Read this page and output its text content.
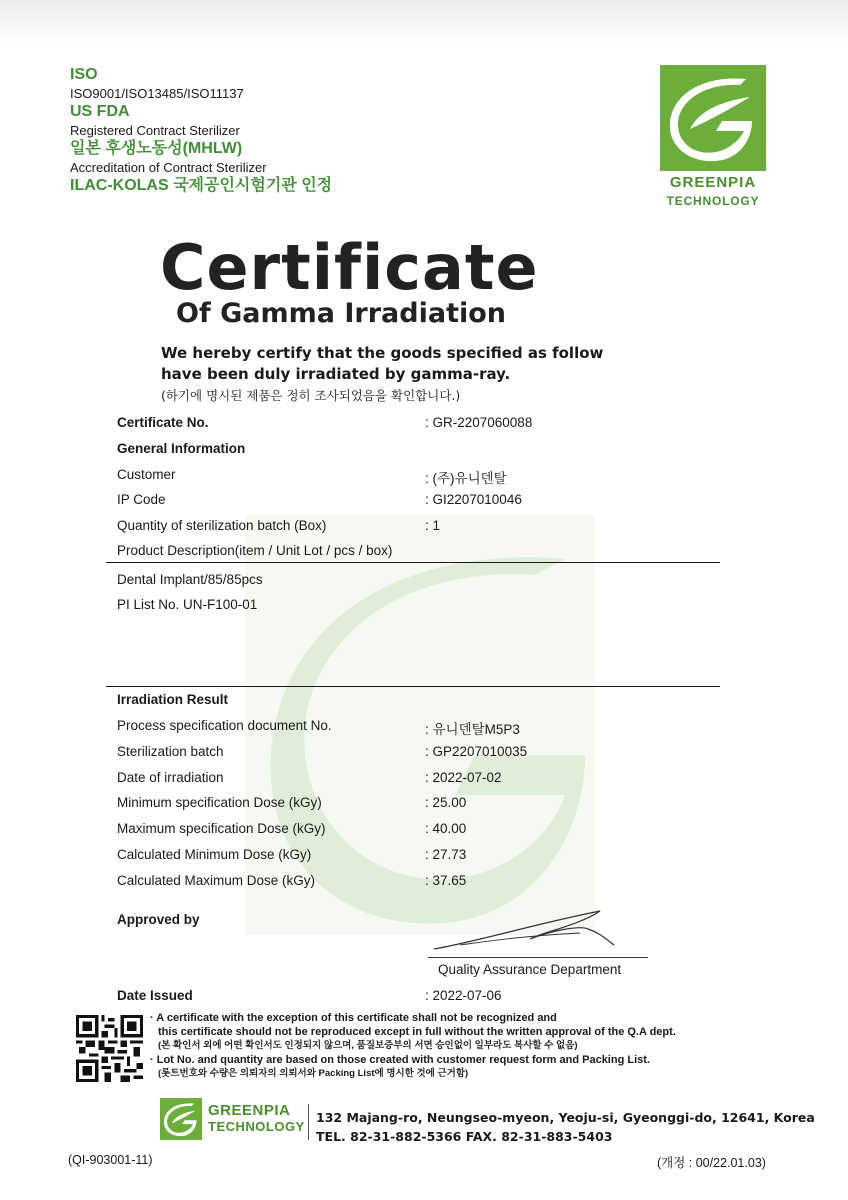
ISO
ISO9001/ISO13485/ISO11137
US FDA
Registered Contract Sterilizer
일본 후생노동성(MHLW)
Accreditation of Contract Sterilizer
ILAC-KOLAS 국제공인시험기관 인정	GREENPIA
TECHNOLOGY
Certificate
Of Gamma Irradiation
We hereby certify that the goods specified as follow
have been duly irradiated by gamma-ray.
(하기에 명시된 제품은 정히 조사되었음을 확인합니다.)
Certificate No.	: GR-2207060088
General Information
Customer	: (주)유니덴탈
IP Code	: GI2207010046
Quantity of sterilization batch (Box)	: 1
Product Description(item / Unit Lot / pcs / box)
Dental Implant/85/85pcs
PI List No. UN-F100-01
Irradiation Result
Process specification document No.	: 유니덴탈M5P3
Sterilization batch	: GP2207010035
Date of irradiation	: 2022-07-02
Minimum specification Dose (kGy)	: 25.00
Maximum specification Dose (kGy)	: 40.00
Calculated Minimum Dose (kGy)	: 27.73
Calculated Maximum Dose (kGy)	: 37.65
Approved by
Quality Assurance Department
Date Issued	: 2022-07-06
· A certificate with the exception of this certificate shall not be recognized and
this certificate should not be reproduced except in full without the written approval of the Q.A dept.
(본 확인서 외에 어떤 확인서도 인정되지 않으며, 품질보증부의 서면 승인없이 일부라도 복사할 수 없음)
· Lot No. and quantity are based on those created with customer request form and Packing List.
(롯트번호와 수량은 의뢰자의 의뢰서와 Packing List에 명시한 것에 근거함)
GREENPIA
TECHNOLOGY
132 Majang-ro, Neungseo-myeon, Yeoju-si, Gyeonggi-do, 12641, Korea
TEL. 82-31-882-5366 FAX. 82-31-883-5403
(QI-903001-11)	(개정 : 00/22.01.03)
